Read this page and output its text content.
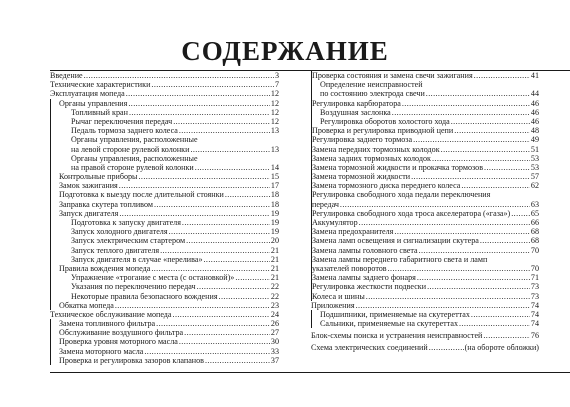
СОДЕРЖАНИЕ
Введение .....	3
Технические характеристики .....	7
Эксплуатация мопеда .....	12
Органы управления .....	12
Топливный кран .....	12
Рычаг переключения передач .....	12
Педаль тормоза заднего колеса .....	13
Органы управления, расположенные
на левой стороне рулевой колонки .....	13
Органы управления, расположенные
на правой стороне рулевой колонки .....	14
Контрольные приборы .....	15
Замок зажигания .....	17
Подготовка к выезду после длительной стоянки .....	18
Заправка скутера топливом .....	18
Запуск двигателя .....	19
Подготовка к запуску двигателя .....	19
Запуск холодного двигателя .....	19
Запуск электрическим стартером .....	20
Запуск теплого двигателя .....	21
Запуск двигателя в случае «перелива» .....	21
Правила вождения мопеда .....	21
Упражнение «трогание с места (с остановкой)» .....	21
Указания по переключению передач .....	22
Некоторые правила безопасного вождения .....	22
Обкатка мопеда .....	23
Техническое обслуживание мопеда .....	24
Замена топливного фильтра .....	26
Обслуживание воздушного фильтра .....	27
Проверка уровня моторного масла .....	30
Замена моторного масла .....	33
Проверка и регулировка зазоров клапанов .....	37
Проверка состояния и замена свечи зажигания .....	41
Определение неисправностей
по состоянию электрода свечи .....	44
Регулировка карбюратора .....	46
Воздушная заслонка .....	46
Регулировка оборотов холостого хода .....	46
Проверка и регулировка приводной цепи .....	48
Регулировка заднего тормоза .....	49
Замена передних тормозных колодок .....	51
Замена задних тормозных колодок .....	53
Замена тормозной жидкости и прокачка тормозов .....	53
Замена тормозной жидкости .....	57
Замена тормозного диска переднего колеса .....	62
Регулировка свободного хода педали переключения
передач .....	63
Регулировка свободного хода троса акселератора («газа») .....	65
Аккумулятор .....	66
Замена предохранителя .....	68
Замена ламп освещения и сигнализации скутера .....	68
Замена лампы головного света .....	70
Замена лампы переднего габаритного света и ламп
указателей поворотов .....	70
Замена лампы заднего фонаря .....	71
Регулировка жесткости подвески .....	73
Колеса и шины .....	73
Приложения .....	74
Подшипники, применяемые на скутереттах .....	74
Сальники, применяемые на скутереттах .....	74
Блок-схемы поиска и устранения неисправностей .....	76
Схема электрических соединений .....	(на обороте обложки)
